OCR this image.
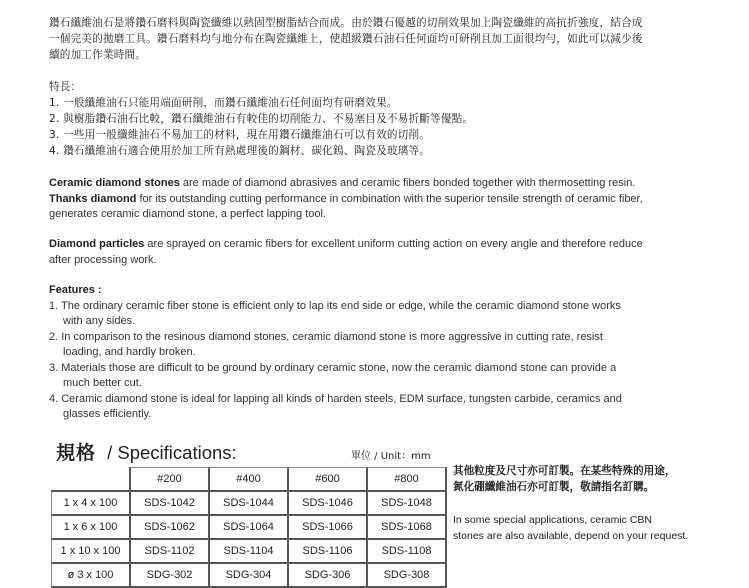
鑽石纖維油石是將鑽石磨料與陶瓷纖維以熱固型樹脂結合而成。由於鑽石優越的切削效果加上陶瓷纖維的高抗折強度，結合成
一個完美的拋磨工具。鑽石磨料均勻地分布在陶瓷纖維上，使超級鑽石油石任何面均可研削且加工面很均勻，如此可以減少後
續的加工作業時間。
特長：
1. 一般纖維油石只能用端面研削，而鑽石纖維油石任何面均有研磨效果。
2. 與樹脂鑽石油石比較，鑽石纖維油石有較佳的切削能力、不易塞目及不易折斷等優點。
3. 一些用一般纖維油石不易加工的材料，現在用鑽石纖維油石可以有效的切削。
4. 鑽石纖維油石適合使用於加工所有熱處理後的鋼材、碳化鎢、陶瓷及玻璃等。
Ceramic diamond stones are made of diamond abrasives and ceramic fibers bonded together with thermosetting resin.
Thanks diamond for its outstanding cutting performance in combination with the superior tensile strength of ceramic fiber,
generates ceramic diamond stone, a perfect lapping tool.
Diamond particles are sprayed on ceramic fibers for excellent uniform cutting action on every angle and therefore reduce
after processing work.
Features :
1. The ordinary ceramic fiber stone is efficient only to lap its end side or edge, while the ceramic diamond stone works
with any sides.
2. In comparison to the resinous diamond stones, ceramic diamond stone is more aggressive in cutting rate, resist
loading, and hardly broken.
3. Materials those are difficult to be ground by ordinary ceramic stone, now the ceramic diamond stone can provide a
much better cut.
4. Ceramic diamond stone is ideal for lapping all kinds of harden steels, EDM surface, tungsten carbide, ceramics and
glasses efficiently.
規格 / Specifications:	單位 / Unit：mm
	#200	#400	#600	#800
1 x 4 x 100	SDS-1042	SDS-1044	SDS-1046	SDS-1048
1 x 6 x 100	SDS-1062	SDS-1064	SDS-1066	SDS-1068
1 x 10 x 100	SDS-1102	SDS-1104	SDS-1106	SDS-1108
ø 3 x 100	SDG-302	SDG-304	SDG-306	SDG-308
其他粒度及尺寸亦可訂製。在某些特殊的用途，
氮化硼纖維油石亦可訂製，敬請指名訂購。
In some special applications, ceramic CBN
stones are also available, depend on your request.
